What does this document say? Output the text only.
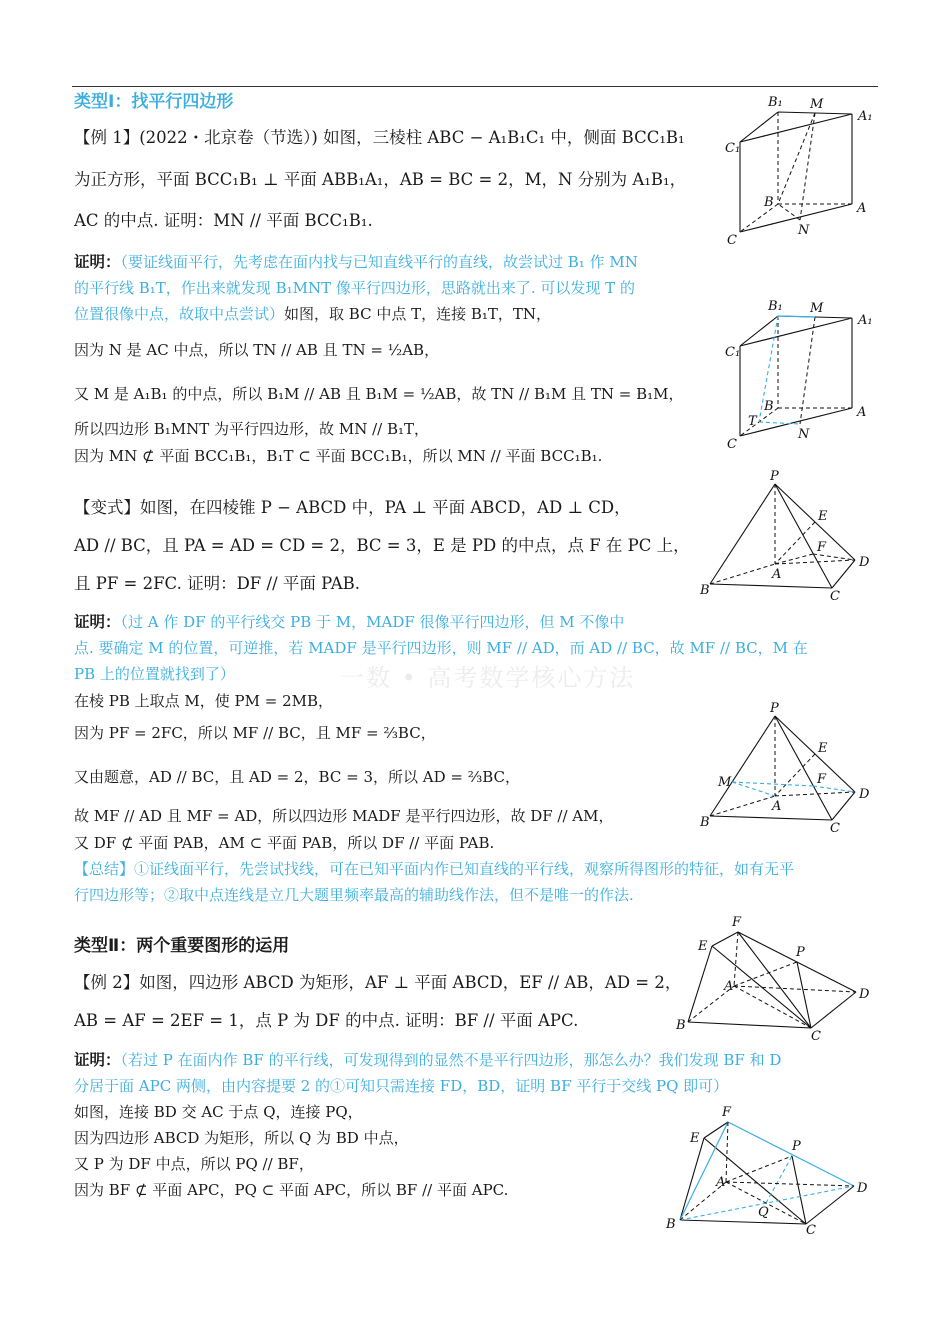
一数 • 高考数学核心方法
类型Ⅰ：找平行四边形
【例 1】(2022・北京卷（节选）) 如图，三棱柱 ABC − A₁B₁C₁ 中，侧面 BCC₁B₁
为正方形，平面 BCC₁B₁ ⊥ 平面 ABB₁A₁，AB = BC = 2，M，N 分别为 A₁B₁，
AC 的中点. 证明：MN // 平面 BCC₁B₁.
证明：（要证线面平行，先考虑在面内找与已知直线平行的直线，故尝试过 B₁ 作 MN
的平行线 B₁T，作出来就发现 B₁MNT 像平行四边形，思路就出来了. 可以发现 T 的
位置很像中点，故取中点尝试）如图，取 BC 中点 T，连接 B₁T，TN，
因为 N 是 AC 中点，所以 TN // AB 且 TN = ½AB，
又 M 是 A₁B₁ 的中点，所以 B₁M // AB 且 B₁M = ½AB，故 TN // B₁M 且 TN = B₁M，
所以四边形 B₁MNT 为平行四边形，故 MN // B₁T，
因为 MN ⊄ 平面 BCC₁B₁，B₁T ⊂ 平面 BCC₁B₁，所以 MN // 平面 BCC₁B₁.
【变式】如图，在四棱锥 P − ABCD 中，PA ⊥ 平面 ABCD，AD ⊥ CD，
AD // BC，且 PA = AD = CD = 2，BC = 3，E 是 PD 的中点，点 F 在 PC 上，
且 PF = 2FC. 证明：DF // 平面 PAB.
证明：（过 A 作 DF 的平行线交 PB 于 M，MADF 很像平行四边形，但 M 不像中
点. 要确定 M 的位置，可逆推，若 MADF 是平行四边形，则 MF // AD，而 AD // BC，故 MF // BC，M 在
PB 上的位置就找到了）
在棱 PB 上取点 M，使 PM = 2MB，
因为 PF = 2FC，所以 MF // BC，且 MF = ⅔BC，
又由题意，AD // BC，且 AD = 2，BC = 3，所以 AD = ⅔BC，
故 MF // AD 且 MF = AD，所以四边形 MADF 是平行四边形，故 DF // AM，
又 DF ⊄ 平面 PAB，AM ⊂ 平面 PAB，所以 DF // 平面 PAB.
【总结】①证线面平行，先尝试找线，可在已知平面内作已知直线的平行线，观察所得图形的特征，如有无平
行四边形等；②取中点连线是立几大题里频率最高的辅助线作法，但不是唯一的作法.
类型Ⅱ：两个重要图形的运用
【例 2】如图，四边形 ABCD 为矩形，AF ⊥ 平面 ABCD，EF // AB，AD = 2，
AB = AF = 2EF = 1，点 P 为 DF 的中点. 证明：BF // 平面 APC.
证明：（若过 P 在面内作 BF 的平行线，可发现得到的显然不是平行四边形，那怎么办？我们发现 BF 和 D
分居于面 APC 两侧，由内容提要 2 的①可知只需连接 FD，BD，证明 BF 平行于交线 PQ 即可）
如图，连接 BD 交 AC 于点 Q，连接 PQ，
因为四边形 ABCD 为矩形，所以 Q 为 BD 中点，
又 P 为 DF 中点，所以 PQ // BF，
因为 BF ⊄ 平面 APC，PQ ⊂ 平面 APC，所以 BF // 平面 APC.
B₁ M
A₁
C₁
B	A
C
N
B₁ M
A₁
C₁
B	A
C
N
T
P
E
F
A
D
B	C
P
E
F
M
A
D
B	C
F
E	P
A
D
B
C
F
E
P
A	D
Q
B	C
